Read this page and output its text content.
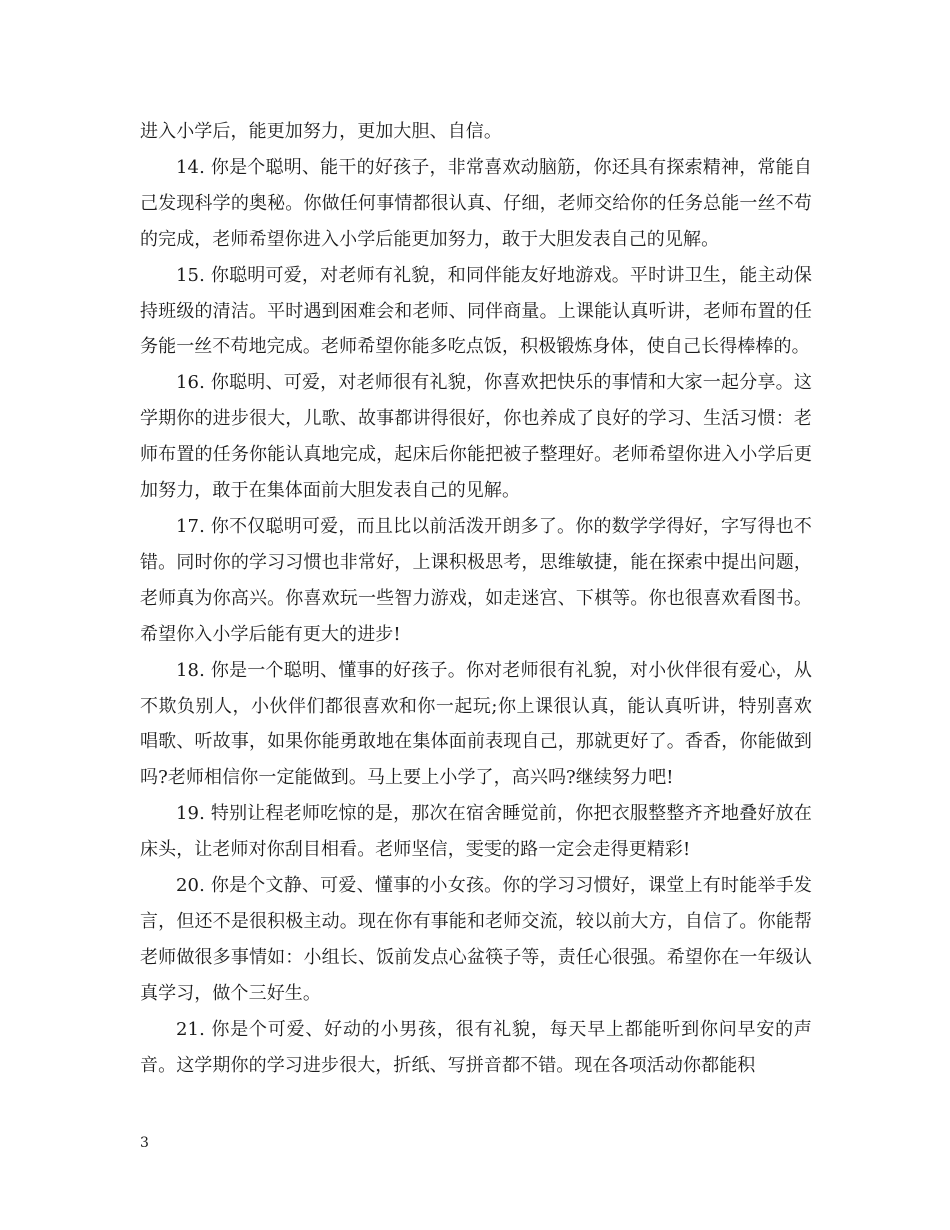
进入小学后，能更加努力，更加大胆、自信。

14. 你是个聪明、能干的好孩子，非常喜欢动脑筋，你还具有探索精神，常能自己发现科学的奥秘。你做任何事情都很认真、仔细，老师交给你的任务总能一丝不苟的完成，老师希望你进入小学后能更加努力，敢于大胆发表自己的见解。

15. 你聪明可爱，对老师有礼貌，和同伴能友好地游戏。平时讲卫生，能主动保持班级的清洁。平时遇到困难会和老师、同伴商量。上课能认真听讲，老师布置的任务能一丝不苟地完成。老师希望你能多吃点饭，积极锻炼身体，使自己长得棒棒的。

16. 你聪明、可爱，对老师很有礼貌，你喜欢把快乐的事情和大家一起分享。这学期你的进步很大，儿歌、故事都讲得很好，你也养成了良好的学习、生活习惯：老师布置的任务你能认真地完成，起床后你能把被子整理好。老师希望你进入小学后更加努力，敢于在集体面前大胆发表自己的见解。

17. 你不仅聪明可爱，而且比以前活泼开朗多了。你的数学学得好，字写得也不错。同时你的学习习惯也非常好，上课积极思考，思维敏捷，能在探索中提出问题，老师真为你高兴。你喜欢玩一些智力游戏，如走迷宫、下棋等。你也很喜欢看图书。希望你入小学后能有更大的进步!

18. 你是一个聪明、懂事的好孩子。你对老师很有礼貌，对小伙伴很有爱心，从不欺负别人，小伙伴们都很喜欢和你一起玩;你上课很认真，能认真听讲，特别喜欢唱歌、听故事，如果你能勇敢地在集体面前表现自己，那就更好了。香香，你能做到吗?老师相信你一定能做到。马上要上小学了，高兴吗?继续努力吧!

19. 特别让程老师吃惊的是，那次在宿舍睡觉前，你把衣服整整齐齐地叠好放在床头，让老师对你刮目相看。老师坚信，雯雯的路一定会走得更精彩!

20. 你是个文静、可爱、懂事的小女孩。你的学习习惯好，课堂上有时能举手发言，但还不是很积极主动。现在你有事能和老师交流，较以前大方，自信了。你能帮老师做很多事情如：小组长、饭前发点心盆筷子等，责任心很强。希望你在一年级认真学习，做个三好生。

21. 你是个可爱、好动的小男孩，很有礼貌，每天早上都能听到你问早安的声音。这学期你的学习进步很大，折纸、写拼音都不错。现在各项活动你都能积

3
